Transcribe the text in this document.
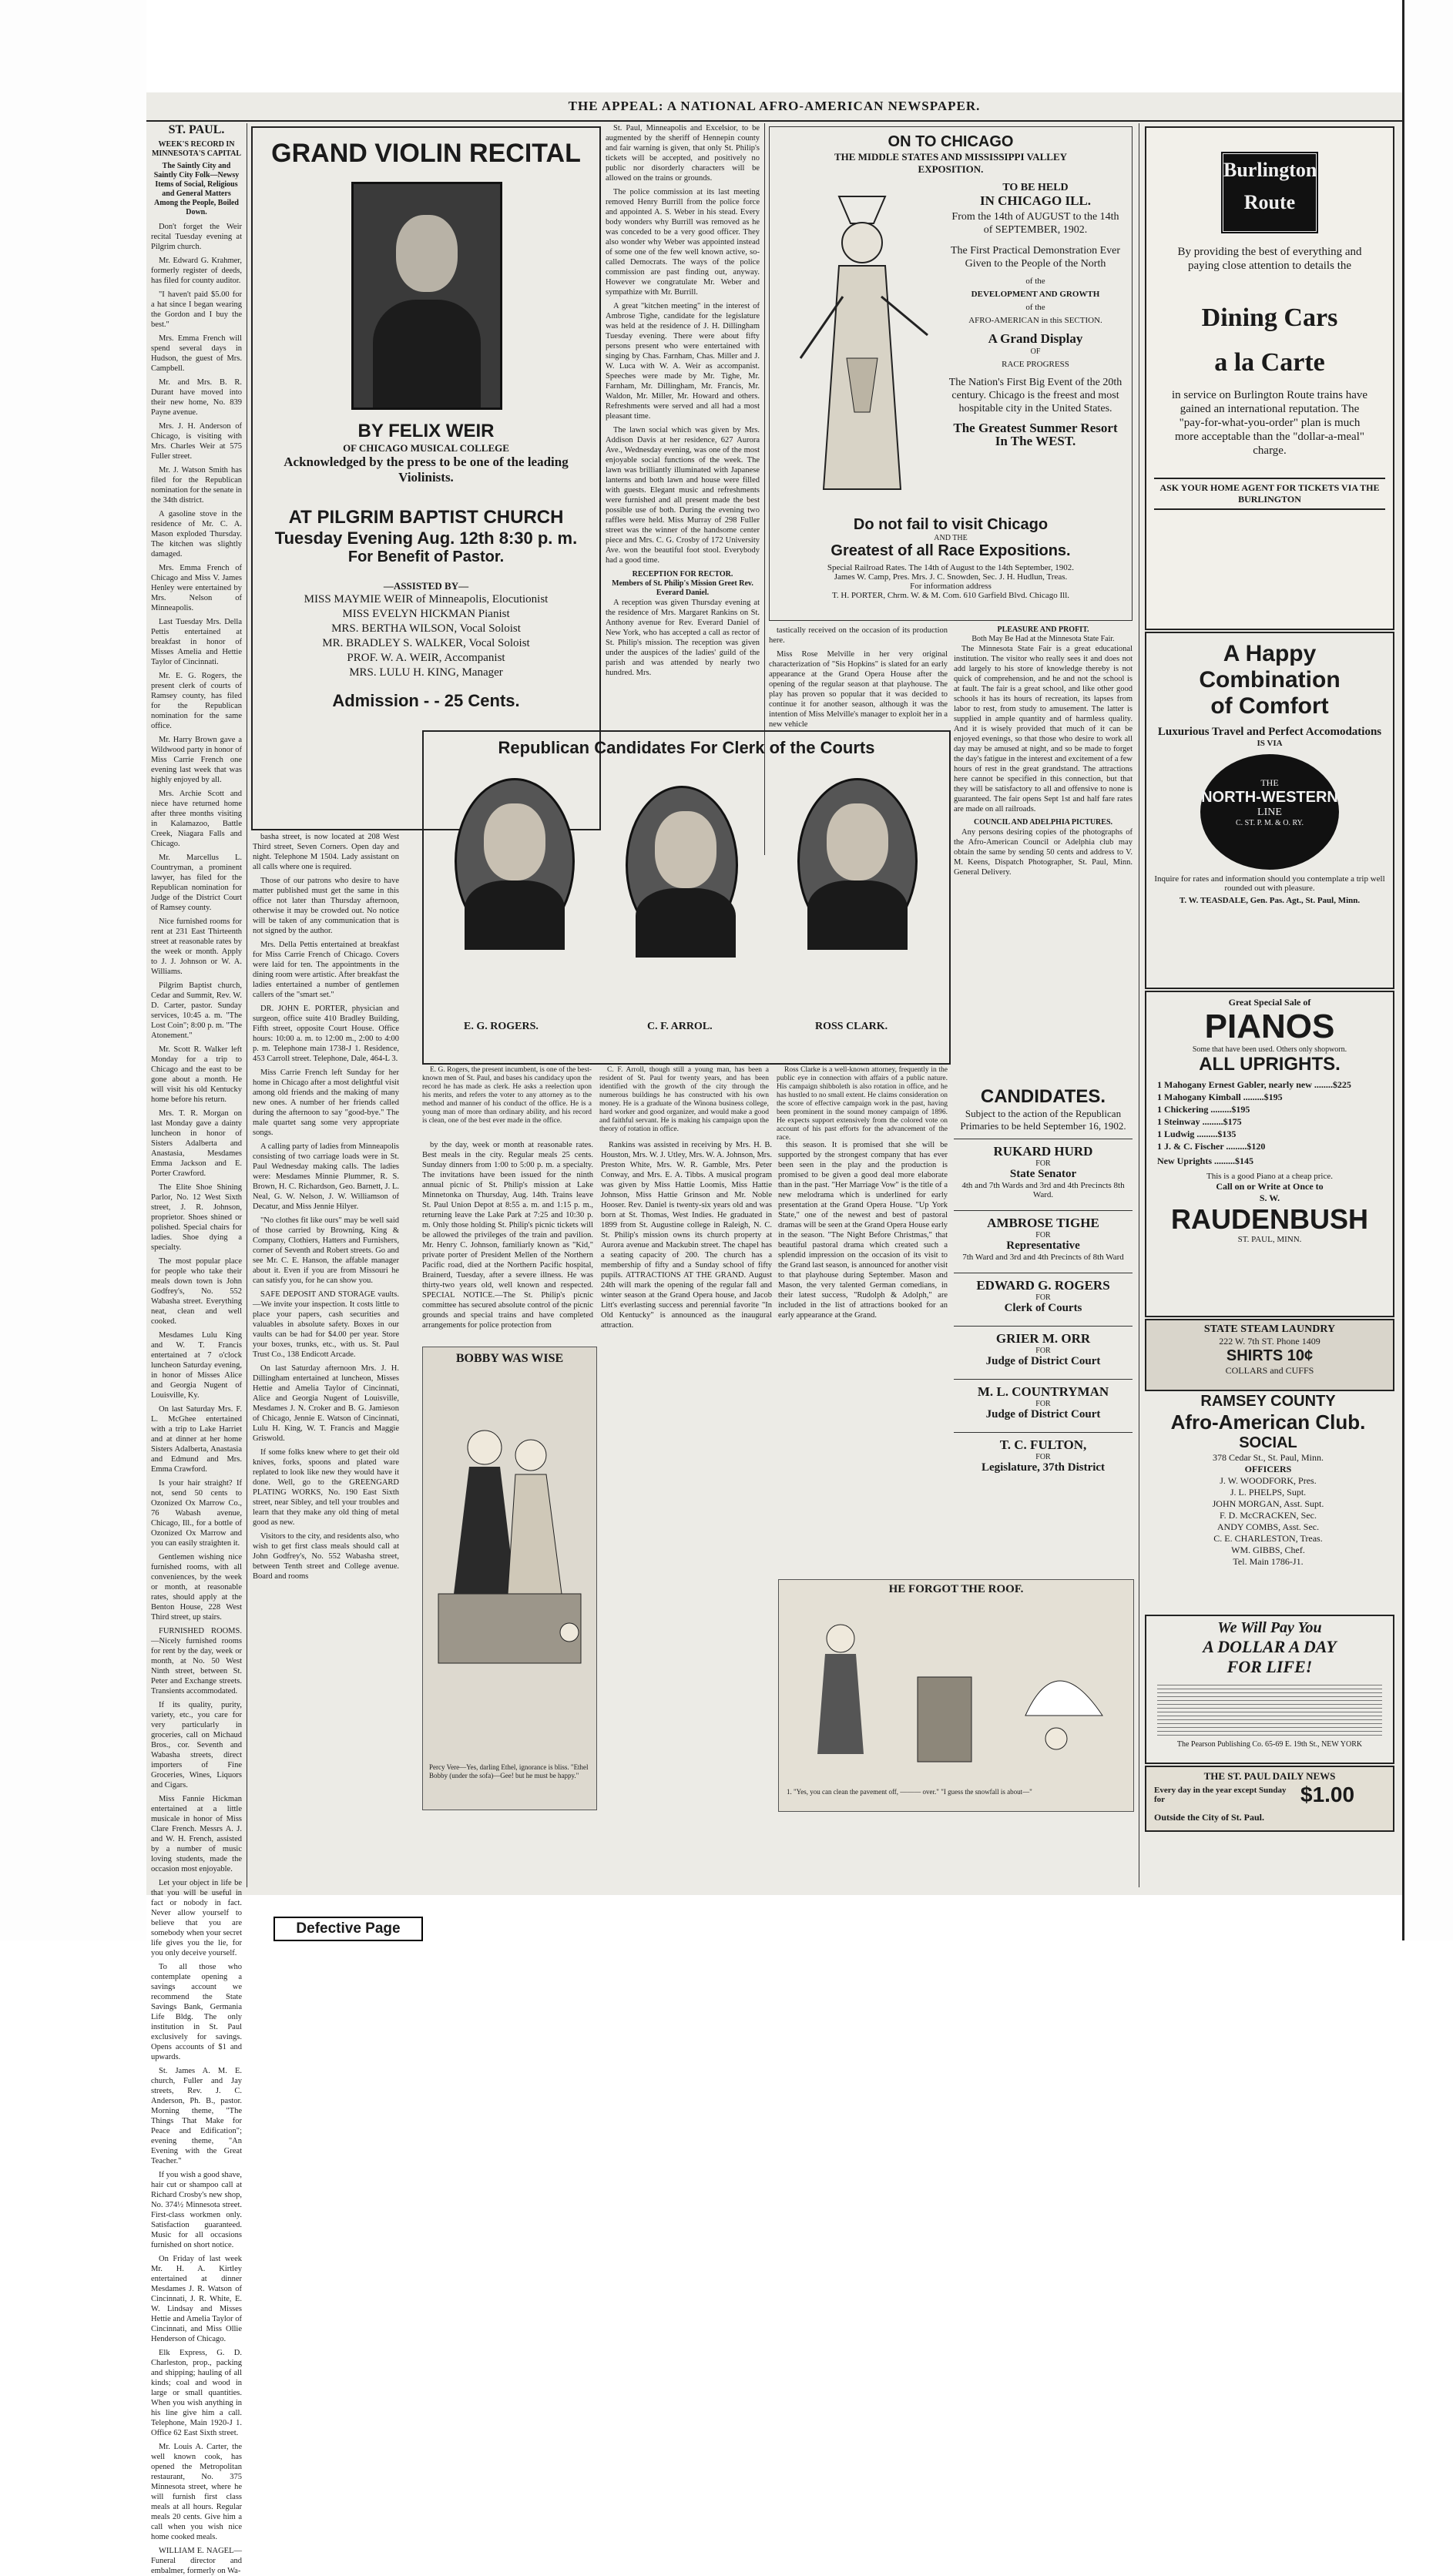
THE APPEAL: A NATIONAL AFRO-AMERICAN NEWSPAPER.
ST. PAUL.
WEEK'S RECORD IN MINNESOTA'S CAPITAL
The Saintly City and Saintly City Folk—Newsy Items of Social, Religious and General Matters Among the People, Boiled Down.

Don't forget the Weir recital Tuesday evening at Pilgrim church.

Mr. Edward G. Krahmer, formerly register of deeds, has filed for county auditor.

"I haven't paid $5.00 for a hat since I began wearing the Gordon and I buy the best."

Mrs. Emma French will spend several days in Hudson, the guest of Mrs. Campbell.

Mr. and Mrs. B. R. Durant have moved into their new home, No. 839 Payne avenue.

Mrs. J. H. Anderson of Chicago, is visiting with Mrs. Charles Weir at 575 Fuller street.

Mr. J. Watson Smith has filed for the Republican nomination for the senate in the 34th district.

A gasoline stove in the residence of Mr. C. A. Mason exploded Thursday. The kitchen was slightly damaged.

Mrs. Emma French of Chicago and Miss V. James Henley were entertained by Mrs. Nelson of Minneapolis.

Last Tuesday Mrs. Della Pettis entertained at breakfast in honor of Misses Amelia and Hettie Taylor of Cincinnati.

Mr. E. G. Rogers, the present clerk of courts of Ramsey county, has filed for the Republican nomination for the same office.

Mr. Harry Brown gave a Wildwood party in honor of Miss Carrie French one evening last week that was highly enjoyed by all.

Mrs. Archie Scott and niece have returned home after three months visiting in Kalamazoo, Battle Creek, Niagara Falls and Chicago.

Mr. Marcellus L. Countryman, a prominent lawyer, has filed for the Republican nomination for Judge of the District Court of Ramsey county.

Nice furnished rooms for rent at 231 East Thirteenth street at reasonable rates by the week or month. Apply to J. J. Johnson or W. A. Williams.

Pilgrim Baptist church, Cedar and Summit, Rev. W. D. Carter, pastor. Sunday services, 10:45 a. m. "The Lost Coin"; 8:00 p. m. "The Atonement."

Mr. Scott R. Walker left Monday for a trip to Chicago and the east to be gone about a month. He will visit his old Kentucky home before his return.

Mrs. T. R. Morgan on last Monday gave a dainty luncheon in honor of Sisters Adalberta and Anastasia, Mesdames Emma Jackson and E. Porter Crawford.

The Elite Shoe Shining Parlor, No. 12 West Sixth street, J. R. Johnson, proprietor. Shoes shined or polished. Special chairs for ladies. Shoe dying a specialty.

The most popular place for people who take their meals down town is John Godfrey's, No. 552 Wabasha street. Everything neat, clean and well cooked.

Mesdames Lulu King and W. T. Francis entertained at 7 o'clock luncheon Saturday evening, in honor of Misses Alice and Georgia Nugent of Louisville, Ky.

On last Saturday Mrs. F. L. McGhee entertained with a trip to Lake Harriet and at dinner at her home Sisters Adalberta, Anastasia and Edmund and Mrs. Emma Crawford.

Is your hair straight? If not, send 50 cents to Ozonized Ox Marrow Co., 76 Wabash avenue, Chicago, Ill., for a bottle of Ozonized Ox Marrow and you can easily straighten it.

Gentlemen wishing nice furnished rooms, with all conveniences, by the week or month, at reasonable rates, should apply at the Benton House, 228 West Third street, up stairs.

FURNISHED ROOMS.—Nicely furnished rooms for rent by the day, week or month, at No. 50 West Ninth street, between St. Peter and Exchange streets. Transients accommodated.

If its quality, purity, variety, etc., you care for very particularly in groceries, call on Michaud Bros., cor. Seventh and Wabasha streets, direct importers of Fine Groceries, Wines, Liquors and Cigars.

Miss Fannie Hickman entertained at a little musicale in honor of Miss Clare French. Messrs A. J. and W. H. French, assisted by a number of music loving students, made the occasion most enjoyable.

Let your object in life be that you will be useful in fact or nobody in fact. Never allow yourself to believe that you are somebody when your secret life gives you the lie, for you only deceive yourself.

To all those who contemplate opening a savings account we recommend the State Savings Bank, Germania Life Bldg. The only institution in St. Paul exclusively for savings. Opens accounts of $1 and upwards.

St. James A. M. E. church, Fuller and Jay streets, Rev. J. C. Anderson, Ph. B., pastor. Morning theme, "The Things That Make for Peace and Edification"; evening theme, "An Evening with the Great Teacher."

If you wish a good shave, hair cut or shampoo call at Richard Crosby's new shop, No. 374½ Minnesota street. First-class workmen only. Satisfaction guaranteed. Music for all occasions furnished on short notice.

On Friday of last week Mr. H. A. Kirtley entertained at dinner Mesdames J. R. Watson of Cincinnati, J. R. White, E. W. Lindsay and Misses Hettie and Amelia Taylor of Cincinnati, and Miss Ollie Henderson of Chicago.

Elk Express, G. D. Charleston, prop., packing and shipping; hauling of all kinds; coal and wood in large or small quantities. When you wish anything in his line give him a call. Telephone, Main 1920-J 1. Office 62 East Sixth street.

Mr. Louis A. Carter, the well known cook, has opened the Metropolitan restaurant, No. 375 Minnesota street, where he will furnish first class meals at all hours. Regular meals 20 cents. Give him a call when you wish nice home cooked meals.

WILLIAM E. NAGEL—Funeral director and embalmer, formerly on Wa-

GRAND VIOLIN RECITAL
BY FELIX WEIR
OF CHICAGO MUSICAL COLLEGE
Acknowledged by the press to be one of the leading Violinists.
AT PILGRIM BAPTIST CHURCH
Tuesday Evening Aug. 12th 8:30 p. m.
For Benefit of Pastor.
—ASSISTED BY—
MISS MAYMIE WEIR of Minneapolis, Elocutionist
MISS EVELYN HICKMAN Pianist
MRS. BERTHA WILSON, Vocal Soloist
MR. BRADLEY S. WALKER, Vocal Soloist
PROF. W. A. WEIR, Accompanist
MRS. LULU H. KING, Manager
Admission - - 25 Cents.

basha street, is now located at 208 West Third street, Seven Corners. Open day and night. Telephone M 1504. Lady assistant on all calls where one is required.

Those of our patrons who desire to have matter published must get the same in this office not later than Thursday afternoon, otherwise it may be crowded out. No notice will be taken of any communication that is not signed by the author.

Mrs. Della Pettis entertained at breakfast for Miss Carrie French of Chicago. Covers were laid for ten. The appointments in the dining room were artistic. After breakfast the ladies entertained a number of gentlemen callers of the "smart set."

DR. JOHN E. PORTER, physician and surgeon, office suite 410 Bradley Building, Fifth street, opposite Court House. Office hours: 10:00 a. m. to 12:00 m., 2:00 to 4:00 p. m. Telephone main 1738-J 1. Residence, 453 Carroll street. Telephone, Dale, 464-L 3.

Miss Carrie French left Sunday for her home in Chicago after a most delightful visit among old friends and the making of many new ones. A number of her friends called during the afternoon to say "good-bye." The male quartet sang some very appropriate songs.

A calling party of ladies from Minneapolis consisting of two carriage loads were in St. Paul Wednesday making calls. The ladies were: Mesdames Minnie Plummer, R. S. Brown, H. C. Richardson, Geo. Barnett, J. L. Neal, G. W. Nelson, J. W. Williamson of Decatur, and Miss Jennie Hilyer.

"No clothes fit like ours" may be well said of those carried by Browning, King & Company, Clothiers, Hatters and Furnishers, corner of Seventh and Robert streets. Go and see Mr. C. E. Hanson, the affable manager about it. Even if you are from Missouri he can satisfy you, for he can show you.

SAFE DEPOSIT AND STORAGE vaults.—We invite your inspection. It costs little to place your papers, cash securities and valuables in absolute safety. Boxes in our vaults can be had for $4.00 per year. Store your boxes, trunks, etc., with us. St. Paul Trust Co., 138 Endicott Arcade.

On last Saturday afternoon Mrs. J. H. Dillingham entertained at luncheon, Misses Hettie and Amelia Taylor of Cincinnati, Alice and Georgia Nugent of Louisville, Mesdames J. N. Croker and B. G. Jamieson of Chicago, Jennie E. Watson of Cincinnati, Lulu H. King, W. T. Francis and Maggie Griswold.

If some folks knew where to get their old knives, forks, spoons and plated ware replated to look like new they would have it done. Well, go to the GREENGARD PLATING WORKS, No. 190 East Sixth street, near Sibley, and tell your troubles and learn that they make any old thing of metal good as new.

Visitors to the city, and residents also, who wish to get first class meals should call at John Godfrey's, No. 552 Wabasha street, between Tenth street and College avenue. Board and rooms

St. Paul, Minneapolis and Excelsior, to be augmented by the sheriff of Hennepin county and fair warning is given, that only St. Philip's tickets will be accepted, and positively no public nor disorderly characters will be allowed on the trains or grounds.

The police commission at its last meeting removed Henry Burrill from the police force and appointed A. S. Weber in his stead. Every body wonders why Burrill was removed as he was conceded to be a very good officer. They also wonder why Weber was appointed instead of some one of the few well known active, so-called Democrats. The ways of the police commission are past finding out, anyway. However we congratulate Mr. Weber and sympathize with Mr. Burrill.

A great "kitchen meeting" in the interest of Ambrose Tighe, candidate for the legislature was held at the residence of J. H. Dillingham Tuesday evening. There were about fifty persons present who were entertained with singing by Chas. Farnham, Chas. Miller and J. W. Luca with W. A. Weir as accompanist. Speeches were made by Mr. Tighe, Mr. Farnham, Mr. Dillingham, Mr. Francis, Mr. Waldon, Mr. Miller, Mr. Howard and others. Refreshments were served and all had a most pleasant time.

The lawn social which was given by Mrs. Addison Davis at her residence, 627 Aurora Ave., Wednesday evening, was one of the most enjoyable social functions of the week. The lawn was brilliantly illuminated with Japanese lanterns and both lawn and house were filled with guests. Elegant music and refreshments were furnished and all present made the best possible use of both. During the evening two raffles were held. Miss Murray of 298 Fuller street was the winner of the handsome center piece and Mrs. C. G. Crosby of 172 University Ave. won the beautiful foot stool. Everybody had a good time.

RECEPTION FOR RECTOR.
Members of St. Philip's Mission Greet Rev. Everard Daniel.

A reception was given Thursday evening at the residence of Mrs. Margaret Rankins on St. Anthony avenue for Rev. Everard Daniel of New York, who has accepted a call as rector of St. Philip's mission. The reception was given under the auspices of the ladies' guild of the parish and was attended by nearly two hundred. Mrs.

ON TO CHICAGO
THE MIDDLE STATES AND MISSISSIPPI VALLEY
EXPOSITION.
TO BE HELD
IN CHICAGO ILL.
From the 14th of AUGUST to the 14th of SEPTEMBER, 1902.
The First Practical Demonstration Ever Given to the People of the North
of the
DEVELOPMENT AND GROWTH
of the
AFRO-AMERICAN in this SECTION.
A Grand Display
OF
RACE PROGRESS
The Nation's First Big Event of the 20th century. Chicago is the freest and most hospitable city in the United States.
The Greatest Summer Resort In The WEST.
Do not fail to visit Chicago
AND THE
Greatest of all Race Expositions.
Special Railroad Rates. The 14th of August to the 14th September, 1902.
James W. Camp, Pres. Mrs. J. C. Snowden, Sec. J. H. Hudlun, Treas.
For information address
T. H. PORTER, Chrm. W. & M. Com. 610 Garfield Blvd. Chicago Ill.

tastically received on the occasion of its production here.

Miss Rose Melville in her very original characterization of "Sis Hopkins" is slated for an early appearance at the Grand Opera House after the opening of the regular season at that playhouse. The play has proven so popular that it was decided to continue it for another season, although it was the intention of Miss Melville's manager to exploit her in a new vehicle

PLEASURE AND PROFIT.
Both May Be Had at the Minnesota State Fair.

The Minnesota State Fair is a great educational institution. The visitor who really sees it and does not add largely to his store of knowledge thereby is not quick of comprehension, and he and not the school is at fault. The fair is a great school, and like other good schools it has its hours of recreation, its lapses from labor to rest, from study to amusement. The latter is supplied in ample quantity and of harmless quality. And it is wisely provided that much of it can be enjoyed evenings, so that those who desire to work all day may be amused at night, and so be made to forget the day's fatigue in the interest and excitement of a few hours of rest in the great grandstand. The attractions here cannot be specified in this connection, but that they will be satisfactory to all and offensive to none is guaranteed. The fair opens Sept 1st and half fare rates are made on all railroads.

COUNCIL AND ADELPHIA PICTURES.

Any persons desiring copies of the photographs of the Afro-American Council or Adelphia club may obtain the same by sending 50 cents and address to V. M. Keens, Dispatch Photographer, St. Paul, Minn. General Delivery.

Republican Candidates For Clerk of the Courts
E. G. ROGERS.	C. F. ARROL.	ROSS CLARK.

E. G. Rogers, the present incumbent, is one of the best-known men of St. Paul, and bases his candidacy upon the record he has made as clerk. He asks a reelection upon his merits, and refers the voter to any attorney as to the method and manner of his conduct of the office. He is a young man of more than ordinary ability, and his record is clean, one of the best ever made in the office.

C. F. Arroll, though still a young man, has been a resident of St. Paul for twenty years, and has been identified with the growth of the city through the numerous buildings he has constructed with his own money. He is a graduate of the Winona business college, hard worker and good organizer, and would make a good and faithful servant. He is making his campaign upon the theory of rotation in office.

Ross Clarke is a well-known attorney, frequently in the public eye in connection with affairs of a public nature. His campaign shibboleth is also rotation in office, and he has hustled to no small extent. He claims consideration on the score of effective campaign work in the past, having been prominent in the sound money campaign of 1896. He expects support extensively from the colored vote on account of his past efforts for the advancement of the race.

CANDIDATES.
Subject to the action of the Republican Primaries to be held September 16, 1902.
RUKARD HURD
FOR
State Senator
4th and 7th Wards and 3rd and 4th Precincts 8th Ward.
AMBROSE TIGHE
FOR
Representative
7th Ward and 3rd and 4th Precincts of 8th Ward
EDWARD G. ROGERS
FOR
Clerk of Courts
GRIER M. ORR
FOR
Judge of District Court
M. L. COUNTRYMAN
FOR
Judge of District Court
T. C. FULTON,
FOR
Legislature, 37th District

by the day, week or month at reasonable rates. Best meals in the city. Regular meals 25 cents. Sunday dinners from 1:00 to 5:00 p. m. a specialty. The invitations have been issued for the ninth annual picnic of St. Philip's mission at Lake Minnetonka on Thursday, Aug. 14th. Trains leave St. Paul Union Depot at 8:55 a. m. and 1:15 p. m., returning leave the Lake Park at 7:25 and 10:30 p. m. Only those holding St. Philip's picnic tickets will be allowed the privileges of the train and pavilion. Mr. Henry C. Johnson, familiarly known as "Kid," private porter of President Mellen of the Northern Pacific road, died at the Northern Pacific hospital, Brainerd, Tuesday, after a severe illness. He was thirty-two years old, well known and respected. SPECIAL NOTICE.—The St. Philip's picnic committee has secured absolute control of the picnic grounds and special trains and have completed arrangements for police protection from

Rankins was assisted in receiving by Mrs. H. B. Houston, Mrs. W. J. Utley, Mrs. W. A. Johnson, Mrs. Preston White, Mrs. W. R. Gamble, Mrs. Peter Conway, and Mrs. E. A. Tibbs. A musical program was given by Miss Hattie Loomis, Miss Hattie Johnson, Miss Hattie Grinson and Mr. Noble Hooser. Rev. Daniel is twenty-six years old and was born at St. Thomas, West Indies. He graduated in 1899 from St. Augustine college in Raleigh, N. C. St. Philip's mission owns its church property at Aurora avenue and Mackubin street. The chapel has a seating capacity of 200. The church has a membership of fifty and a Sunday school of fifty pupils. ATTRACTIONS AT THE GRAND. August 24th will mark the opening of the regular fall and winter season at the Grand Opera house, and Jacob Litt's everlasting success and perennial favorite "In Old Kentucky" is announced as the inaugural attraction.

this season. It is promised that she will be supported by the strongest company that has ever been seen in the play and the production is promised to be given a good deal more elaborate than in the past. "Her Marriage Vow" is the title of a new melodrama which is underlined for early presentation at the Grand Opera House. "Up York State," one of the newest and best of pastoral dramas will be seen at the Grand Opera House early in the season. "The Night Before Christmas," that beautiful pastoral drama which created such a splendid impression on the occasion of its visit to the Grand last season, is announced for another visit to that playhouse during September. Mason and Mason, the very talented German comedians, in their latest success, "Rudolph & Adolph," are included in the list of attractions booked for an early appearance at the Grand.

BOBBY WAS WISE
Percy Vere—Yes, darling Ethel, ignorance is bliss. "Ethel Bobby (under the sofa)—Gee! but he must be happy."
HE FORGOT THE ROOF.
1. "Yes, you can clean the pavement off, ——— over." "I guess the snowfall is about—"
Burlington Route
By providing the best of everything and paying close attention to details the
Dining Cars
a la Carte
in service on Burlington Route trains have gained an international reputation. The "pay-for-what-you-order" plan is much more acceptable than the "dollar-a-meal" charge.
ASK YOUR HOME AGENT FOR TICKETS VIA THE BURLINGTON
A Happy
Combination
of Comfort
Luxurious Travel and Perfect Accomodations
IS VIA
THE
NORTH-WESTERN
LINE
C. ST. P. M. & O. RY.
Inquire for rates and information should you contemplate a trip well rounded out with pleasure.
T. W. TEASDALE, Gen. Pas. Agt., St. Paul, Minn.
Great Special Sale of
PIANOS
Some that have been used. Others only shopworn.
ALL UPRIGHTS.
1 Mahogany Ernest Gabler, nearly new ........$225
1 Mahogany Kimball .........$195
1 Chickering .........$195
1 Steinway .........$175
1 Ludwig .........$135
1 J. & C. Fischer .........$120
New Uprights .........$145
This is a good Piano at a cheap price.
Call on or Write at Once to
S. W.
RAUDENBUSH
ST. PAUL, MINN.
STATE STEAM LAUNDRY
222 W. 7th ST. Phone 1409
SHIRTS 10¢
COLLARS and CUFFS
RAMSEY COUNTY
Afro-American Club.
SOCIAL
378 Cedar St., St. Paul, Minn.
OFFICERS
J. W. WOODFORK, Pres.
J. L. PHELPS, Supt.
JOHN MORGAN, Asst. Supt.
F. D. McCRACKEN, Sec.
ANDY COMBS, Asst. Sec.
C. E. CHARLESTON, Treas.
WM. GIBBS, Chef.
Tel. Main 1786-J1.
We Will Pay You
A DOLLAR A DAY
FOR LIFE!
The Pearson Publishing Co. 65-69 E. 19th St., NEW YORK
THE ST. PAUL DAILY NEWS
Every day in the year except Sunday for	$1.00
Outside the City of St. Paul.
Defective Page
